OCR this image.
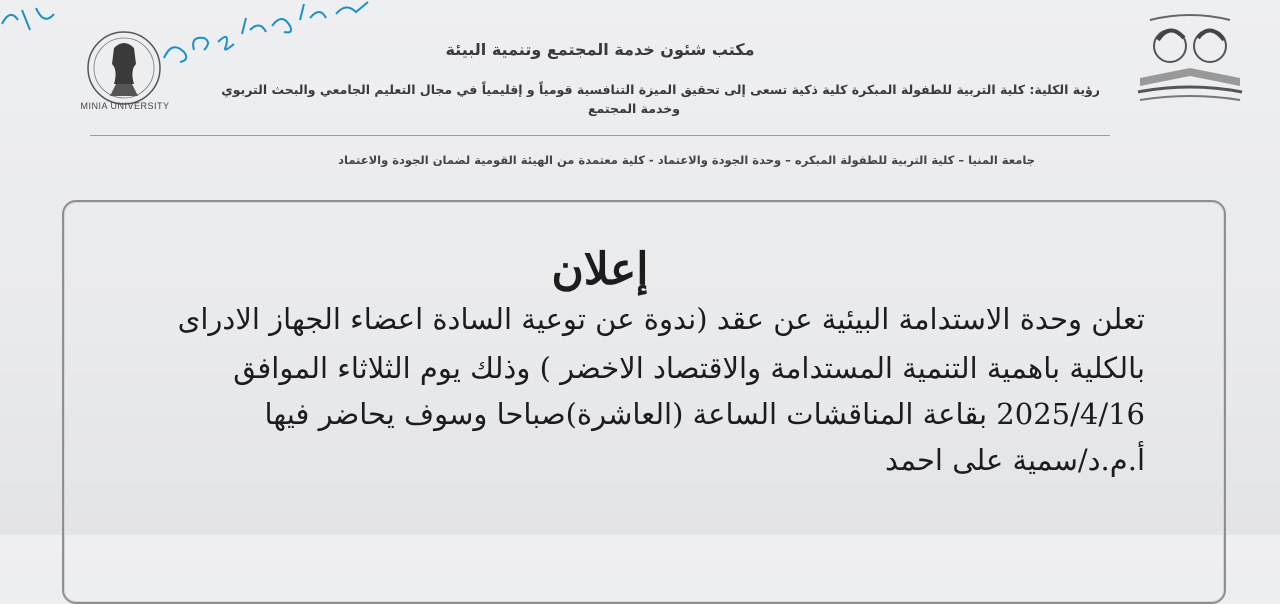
MINIA UNIVERSITY
مكتب شئون خدمة المجتمع وتنمية البيئة
رؤية الكلية: كلية التربية للطفولة المبكرة كلية ذكية تسعى إلى تحقيق الميزة التنافسية قومياً و إقليمياً في مجال التعليم الجامعي والبحث التربوي
وخدمة المجتمع
جامعة المنيا – كلية التربية للطفولة المبكره – وحدة الجودة والاعتماد - كلية معتمدة من الهيئة القومية لضمان الجودة والاعتماد
إعلان
تعلن وحدة الاستدامة البيئية عن عقد (ندوة عن توعية السادة اعضاء الجهاز الادراى
بالكلية باهمية التنمية المستدامة والاقتصاد الاخضر ) وذلك يوم الثلاثاء الموافق
2025/4/16 بقاعة المناقشات الساعة (العاشرة)صباحا وسوف يحاضر فيها
أ.م.د/سمية على احمد
